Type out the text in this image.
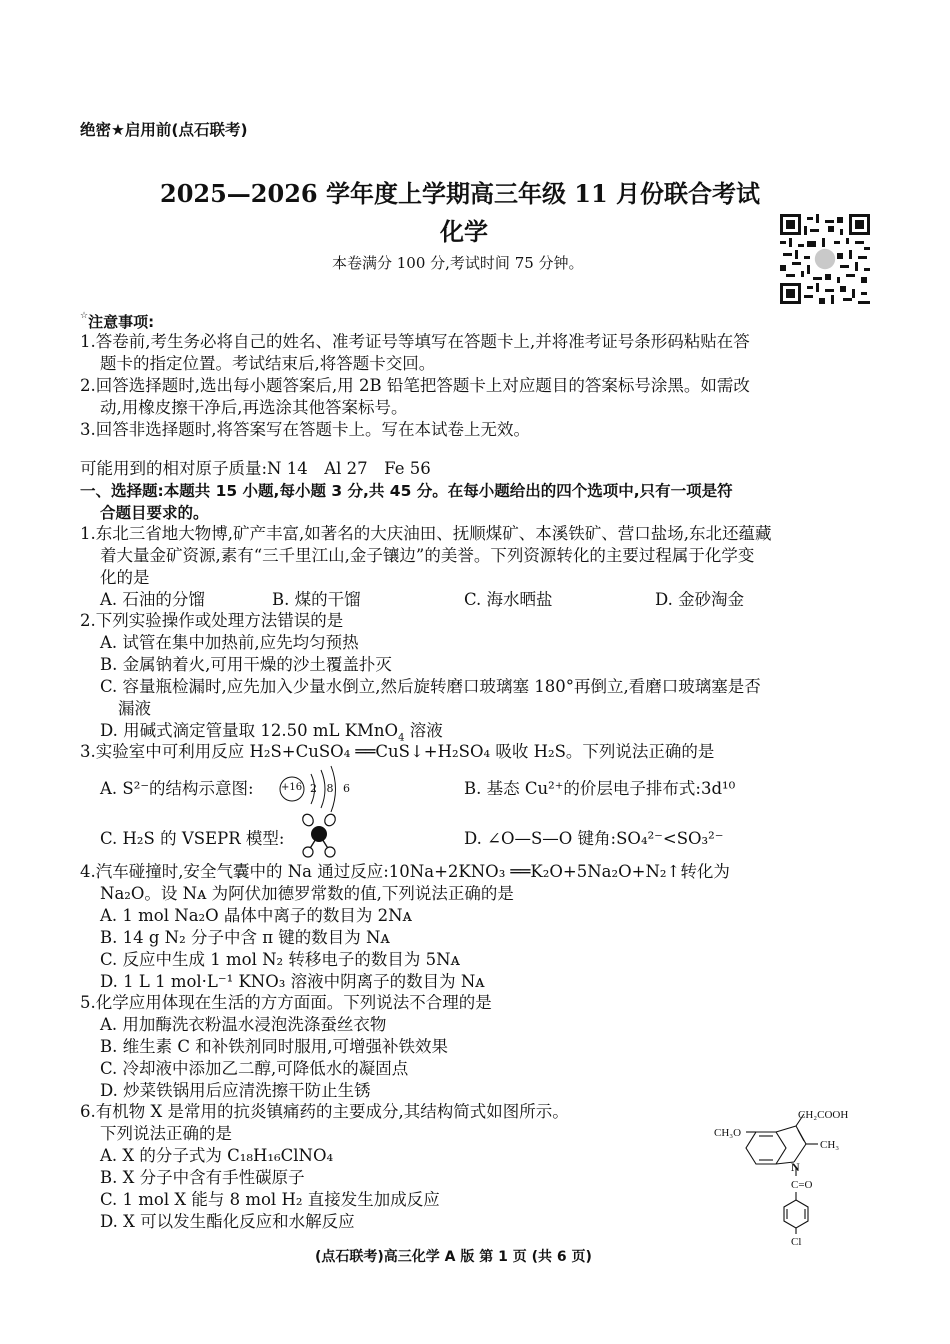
绝密★启用前(点石联考)
2025—2026 学年度上学期高三年级 11 月份联合考试
化学
本卷满分 100 分,考试时间 75 分钟。
☆注意事项:
1.答卷前,考生务必将自己的姓名、准考证号等填写在答题卡上,并将准考证号条形码粘贴在答
题卡的指定位置。考试结束后,将答题卡交回。
2.回答选择题时,选出每小题答案后,用 2B 铅笔把答题卡上对应题目的答案标号涂黑。如需改
动,用橡皮擦干净后,再选涂其他答案标号。
3.回答非选择题时,将答案写在答题卡上。写在本试卷上无效。
可能用到的相对原子质量:N 14　Al 27　Fe 56
一、选择题:本题共 15 小题,每小题 3 分,共 45 分。在每小题给出的四个选项中,只有一项是符
合题目要求的。
1.东北三省地大物博,矿产丰富,如著名的大庆油田、抚顺煤矿、本溪铁矿、营口盐场,东北还蕴藏
着大量金矿资源,素有“三千里江山,金子镶边”的美誉。下列资源转化的主要过程属于化学变
化的是
A. 石油的分馏	B. 煤的干馏	C. 海水晒盐	D. 金砂淘金
2.下列实验操作或处理方法错误的是
A. 试管在集中加热前,应先均匀预热
B. 金属钠着火,可用干燥的沙土覆盖扑灭
C. 容量瓶检漏时,应先加入少量水倒立,然后旋转磨口玻璃塞 180°再倒立,看磨口玻璃塞是否
漏液
D. 用碱式滴定管量取 12.50 mL KMnO$_4$ 溶液
3.实验室中可利用反应 H₂S+CuSO₄ ══CuS↓+H₂SO₄ 吸收 H₂S。下列说法正确的是
A. S²⁻的结构示意图:	+16 2 8 6	B. 基态 Cu²⁺的价层电子排布式:3d¹⁰
C. H₂S 的 VSEPR 模型:	D. ∠O—S—O 键角:SO₄²⁻<SO₃²⁻
4.汽车碰撞时,安全气囊中的 Na 通过反应:10Na+2KNO₃ ══K₂O+5Na₂O+N₂↑转化为
Na₂O。设 Nᴀ 为阿伏加德罗常数的值,下列说法正确的是
A. 1 mol Na₂O 晶体中离子的数目为 2Nᴀ
B. 14 g N₂ 分子中含 π 键的数目为 Nᴀ
C. 反应中生成 1 mol N₂ 转移电子的数目为 5Nᴀ
D. 1 L 1 mol·L⁻¹ KNO₃ 溶液中阴离子的数目为 Nᴀ
5.化学应用体现在生活的方方面面。下列说法不合理的是
A. 用加酶洗衣粉温水浸泡洗涤蚕丝衣物
B. 维生素 C 和补铁剂同时服用,可增强补铁效果
C. 冷却液中添加乙二醇,可降低水的凝固点
D. 炒菜铁锅用后应清洗擦干防止生锈
6.有机物 X 是常用的抗炎镇痛药的主要成分,其结构简式如图所示。
下列说法正确的是
A. X 的分子式为 C₁₈H₁₆ClNO₄
B. X 分子中含有手性碳原子
C. 1 mol X 能与 8 mol H₂ 直接发生加成反应
D. X 可以发生酯化反应和水解反应
CH₃O
CH₂COOH
CH₃
N
C=O
Cl
(点石联考)高三化学 A 版 第 1 页 (共 6 页)
